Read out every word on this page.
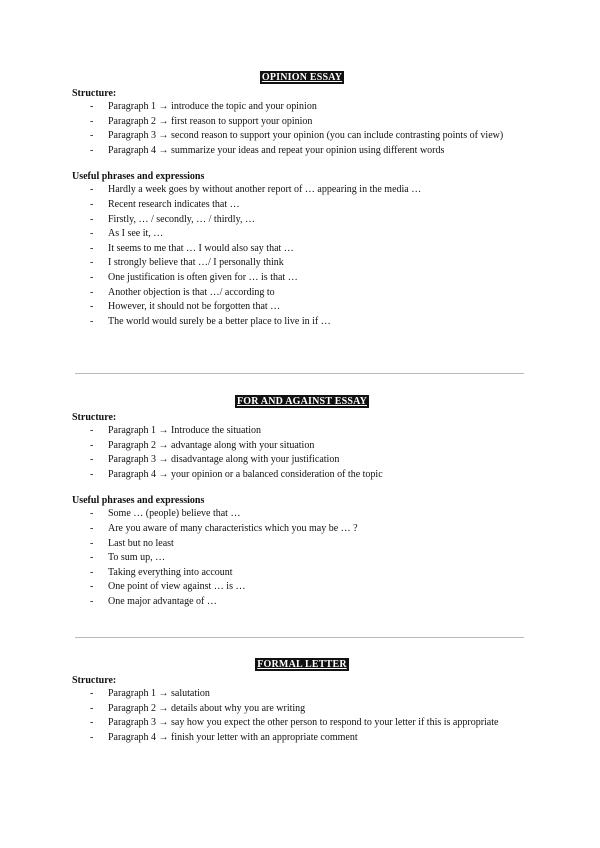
OPINION ESSAY

Structure:

- Paragraph 1 → introduce the topic and your opinion
- Paragraph 2 → first reason to support your opinion
- Paragraph 3 → second reason to support your opinion (you can include contrasting points of view)
- Paragraph 4 → summarize your ideas and repeat your opinion using different words

Useful phrases and expressions

- Hardly a week goes by without another report of … appearing in the media …
- Recent research indicates that …
- Firstly, … / secondly, … / thirdly, …
- As I see it, …
- It seems to me that … I would also say that …
- I strongly believe that …/ I personally think
- One justification is often given for … is that …
- Another objection is that …/ according to
- However, it should not be forgotten that …
- The world would surely be a better place to live in if …
FOR AND AGAINST ESSAY

Structure:

- Paragraph 1 → Introduce the situation
- Paragraph 2 → advantage along with your situation
- Paragraph 3 → disadvantage along with your justification
- Paragraph 4 → your opinion or a balanced consideration of the topic

Useful phrases and expressions

- Some … (people) believe that …
- Are you aware of many characteristics which you may be … ?
- Last but no least
- To sum up, …
- Taking everything into account
- One point of view against … is …
- One major advantage of …
FORMAL LETTER

Structure:

- Paragraph 1 → salutation
- Paragraph 2 → details about why you are writing
- Paragraph 3 → say how you expect the other person to respond to your letter if this is appropriate
- Paragraph 4 → finish your letter with an appropriate comment
